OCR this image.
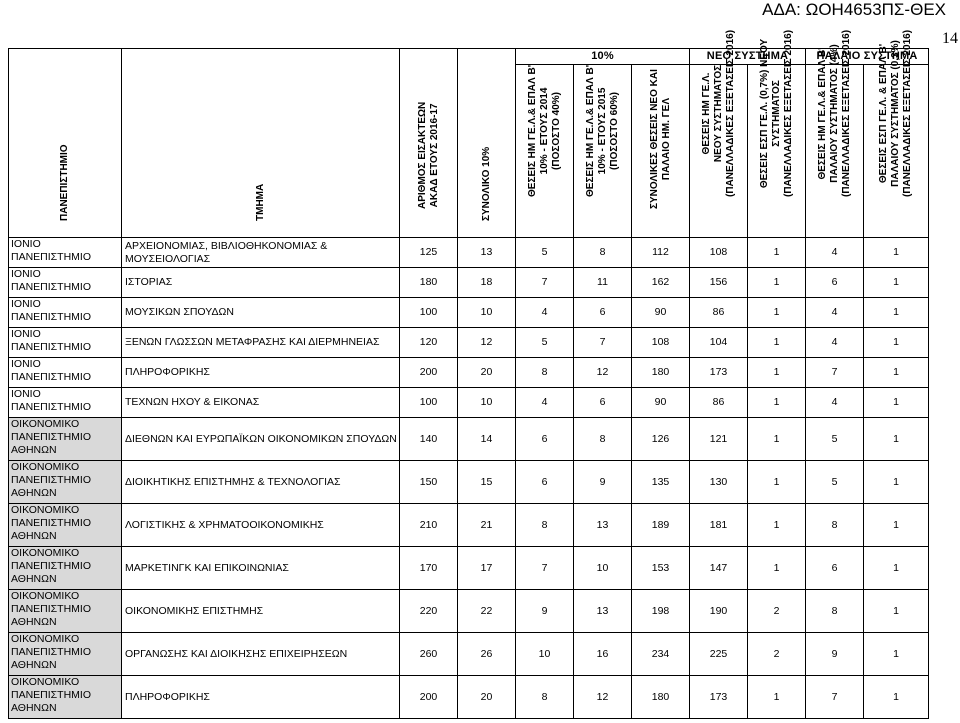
ΑΔΑ: ΩΟΗ4653ΠΣ-ΘΕΧ
14
ΠΑΝΕΠΙΣΤΗΜΙΟ	ΤΜΗΜΑ	ΑΡΙΘΜΟΣ ΕΙΣΑΚΤΕΩΝ ΑΚΑΔ ΕΤΟΥΣ 2016-17	ΣΥΝΟΛΙΚΟ 10%	10%			ΝΕΟ ΣΥΣΤΗΜΑ		ΠΑΛΑΙΟ ΣΥΣΤΗΜΑ	

				ΘΕΣΕΙΣ ΗΜ ΓΕ.Λ.& ΕΠΑΛ Β' 10% - ΕΤΟΥΣ 2014 (ΠΟΣΟΣΤΟ 40%)	ΘΕΣΕΙΣ ΗΜ ΓΕ.Λ.& ΕΠΑΛ Β' 10% - ΕΤΟΥΣ 2015 (ΠΟΣΟΣΤΟ 60%)	ΣΥΝΟΛΙΚΕΣ ΘΕΣΕΙΣ ΝΕΟ ΚΑΙ ΠΑΛΑΙΟ ΗΜ. ΓΕΛ	ΘΕΣΕΙΣ ΗΜ ΓΕ.Λ. ΝΕΟΥ ΣΥΣΤΗΜΑΤΟΣ (ΠΑΝΕΛΛΑΔΙΚΕΣ ΕΞΕΤΑΣΕΙΣ 2016)	ΘΕΣΕΙΣ ΕΣΠ ΓΕ.Λ. (0,7%) ΝΕΟΥ ΣΥΣΤΗΜΑΤΟΣ (ΠΑΝΕΛΛΑΔΙΚΕΣ ΕΞΕΤΑΣΕΙΣ 2016)	ΘΕΣΕΙΣ ΗΜ ΓΕ.Λ.& ΕΠΑΛ Β' ΠΑΛΑΙΟΥ ΣΥΣΤΗΜΑΤΟΣ (4%) (ΠΑΝΕΛΛΑΔΙΚΕΣ ΕΞΕΤΑΣΕΙΣ 2016)	ΘΕΣΕΙΣ ΕΣΠ ΓΕ.Λ. & ΕΠΑΛ Β' ΠΑΛΑΙΟΥ ΣΥΣΤΗΜΑΤΟΣ (0,3%) (ΠΑΝΕΛΛΑΔΙΚΕΣ ΕΞΕΤΑΣΕΙΣ 2016)

ΙΟΝΙΟ
ΠΑΝΕΠΙΣΤΗΜΙΟ	ΑΡΧΕΙΟΝΟΜΙΑΣ, ΒΙΒΛΙΟΘΗΚΟΝΟΜΙΑΣ & ΜΟΥΣΕΙΟΛΟΓΙΑΣ	125	13	5	8	112	108	1	4	1

ΙΟΝΙΟ
ΠΑΝΕΠΙΣΤΗΜΙΟ	ΙΣΤΟΡΙΑΣ	180	18	7	11	162	156	1	6	1

ΙΟΝΙΟ
ΠΑΝΕΠΙΣΤΗΜΙΟ	ΜΟΥΣΙΚΩΝ ΣΠΟΥΔΩΝ	100	10	4	6	90	86	1	4	1

ΙΟΝΙΟ
ΠΑΝΕΠΙΣΤΗΜΙΟ	ΞΕΝΩΝ ΓΛΩΣΣΩΝ ΜΕΤΑΦΡΑΣΗΣ ΚΑΙ ΔΙΕΡΜΗΝΕΙΑΣ	120	12	5	7	108	104	1	4	1

ΙΟΝΙΟ
ΠΑΝΕΠΙΣΤΗΜΙΟ	ΠΛΗΡΟΦΟΡΙΚΗΣ	200	20	8	12	180	173	1	7	1

ΙΟΝΙΟ
ΠΑΝΕΠΙΣΤΗΜΙΟ	ΤΕΧΝΩΝ ΗΧΟΥ & ΕΙΚΟΝΑΣ	100	10	4	6	90	86	1	4	1

ΟΙΚΟΝΟΜΙΚΟ
ΠΑΝΕΠΙΣΤΗΜΙΟ
ΑΘΗΝΩΝ	ΔΙΕΘΝΩΝ ΚΑΙ ΕΥΡΩΠΑΪΚΩΝ ΟΙΚΟΝΟΜΙΚΩΝ ΣΠΟΥΔΩΝ	140	14	6	8	126	121	1	5	1

ΟΙΚΟΝΟΜΙΚΟ
ΠΑΝΕΠΙΣΤΗΜΙΟ
ΑΘΗΝΩΝ	ΔΙΟΙΚΗΤΙΚΗΣ ΕΠΙΣΤΗΜΗΣ & ΤΕΧΝΟΛΟΓΙΑΣ	150	15	6	9	135	130	1	5	1

ΟΙΚΟΝΟΜΙΚΟ
ΠΑΝΕΠΙΣΤΗΜΙΟ
ΑΘΗΝΩΝ	ΛΟΓΙΣΤΙΚΗΣ & ΧΡΗΜΑΤΟΟΙΚΟΝΟΜΙΚΗΣ	210	21	8	13	189	181	1	8	1

ΟΙΚΟΝΟΜΙΚΟ
ΠΑΝΕΠΙΣΤΗΜΙΟ
ΑΘΗΝΩΝ	ΜΑΡΚΕΤΙΝΓΚ ΚΑΙ ΕΠΙΚΟΙΝΩΝΙΑΣ	170	17	7	10	153	147	1	6	1

ΟΙΚΟΝΟΜΙΚΟ
ΠΑΝΕΠΙΣΤΗΜΙΟ
ΑΘΗΝΩΝ	ΟΙΚΟΝΟΜΙΚΗΣ ΕΠΙΣΤΗΜΗΣ	220	22	9	13	198	190	2	8	1

ΟΙΚΟΝΟΜΙΚΟ
ΠΑΝΕΠΙΣΤΗΜΙΟ
ΑΘΗΝΩΝ	ΟΡΓΑΝΩΣΗΣ ΚΑΙ ΔΙΟΙΚΗΣΗΣ ΕΠΙΧΕΙΡΗΣΕΩΝ	260	26	10	16	234	225	2	9	1

ΟΙΚΟΝΟΜΙΚΟ
ΠΑΝΕΠΙΣΤΗΜΙΟ
ΑΘΗΝΩΝ	ΠΛΗΡΟΦΟΡΙΚΗΣ	200	20	8	12	180	173	1	7	1
